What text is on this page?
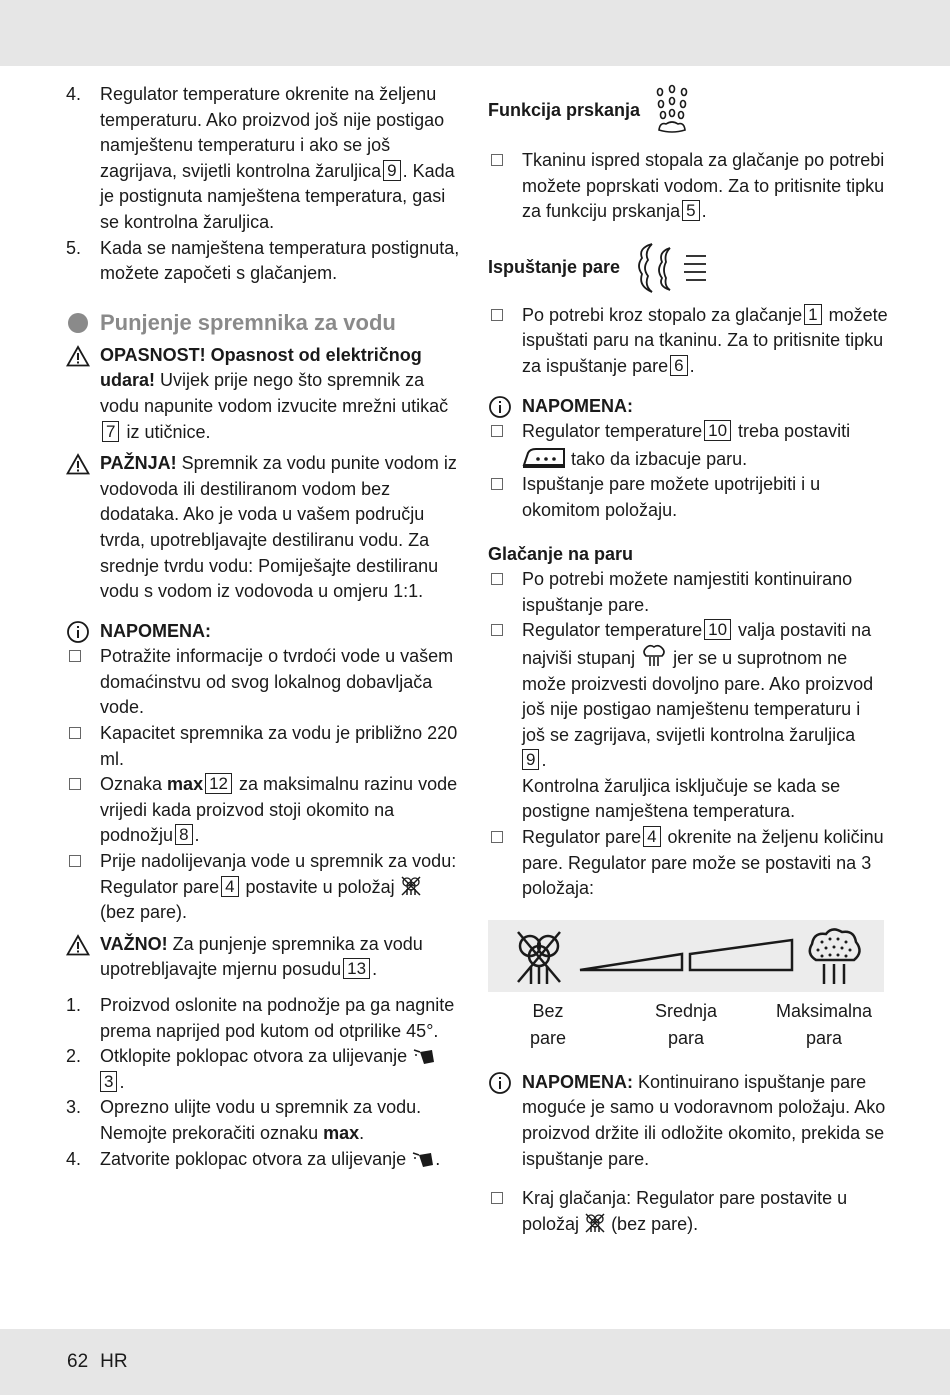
4. Regulator temperature okrenite na željenu temperaturu. Ako proizvod još nije postigao namještenu temperaturu i ako se još zagrijava, svijetli kontrolna žaruljica 9 . Kada je postignuta namještena temperatura, gasi se kontrolna žaruljica.
5. Kada se namještena temperatura postignuta, možete započeti s glačanjem.
Punjenje spremnika za vodu
OPASNOST! Opasnost od električnog udara! Uvijek prije nego što spremnik za vodu napunite vodom izvucite mrežni utikač7 iz utičnice.
PAŽNJA! Spremnik za vodu punite vodom iz vodovoda ili destiliranom vodom bez dodataka. Ako je voda u vašem području tvrda, upotrebljavajte destiliranu vodu. Za srednje tvrdu vodu: Pomiješajte destiliranu vodu s vodom iz vodovoda u omjeru 1:1.
NAPOMENA:
Potražite informacije o tvrdoći vode u vašem domaćinstvu od svog lokalnog dobavljača vode.
Kapacitet spremnika za vodu je približno 220 ml.
Oznaka max 12 za maksimalnu razinu vode vrijedi kada proizvod stoji okomito na podnožju 8 .
Prije nadolijevanja vode u spremnik za vodu: Regulator pare 4 postavite u položaj
(bez pare).
VAŽNO! Za punjenje spremnika za vodu upotrebljavajte mjernu posudu 13 .
1. Proizvod oslonite na podnožje pa ga nagnite prema naprijed pod kutom od otprilike 45°.
2. Otklopite poklopac otvora za ulijevanje
3 .
3. Oprezno ulijte vodu u spremnik za vodu. Nemojte prekoračiti oznaku max.
4. Zatvorite poklopac otvora za ulijevanje .
Funkcija prskanja
Tkaninu ispred stopala za glačanje po potrebi možete poprskati vodom. Za to pritisnite tipku za funkciju prskanja 5 .
Ispuštanje pare
Po potrebi kroz stopalo za glačanje 1 možete ispuštati paru na tkaninu. Za to pritisnite tipku za ispuštanje pare 6 .
NAPOMENA:
Regulator temperature 10 treba postaviti
tako da izbacuje paru.
Ispuštanje pare možete upotrijebiti i u okomitom položaju.
Glačanje na paru
Po potrebi možete namjestiti kontinuirano ispuštanje pare.
Regulator temperature 10 valja postaviti na najviši stupanj  jer se u suprotnom ne može proizvesti dovoljno pare. Ako proizvod još nije postigao namještenu temperaturu i još se zagrijava, svijetli kontrolna žaruljica
9 .
Kontrolna žaruljica isključuje se kada se postigne namještena temperatura.
Regulator pare 4 okrenite na željenu količinu pare. Regulator pare može se postaviti na 3 položaja:
Bez
pare
Srednja
para
Maksimalna
para
NAPOMENA: Kontinuirano ispuštanje pare moguće je samo u vodoravnom položaju. Ako proizvod držite ili odložite okomito, prekida se ispuštanje pare.
Kraj glačanja: Regulator pare postavite u položaj  (bez pare).
62 HR
